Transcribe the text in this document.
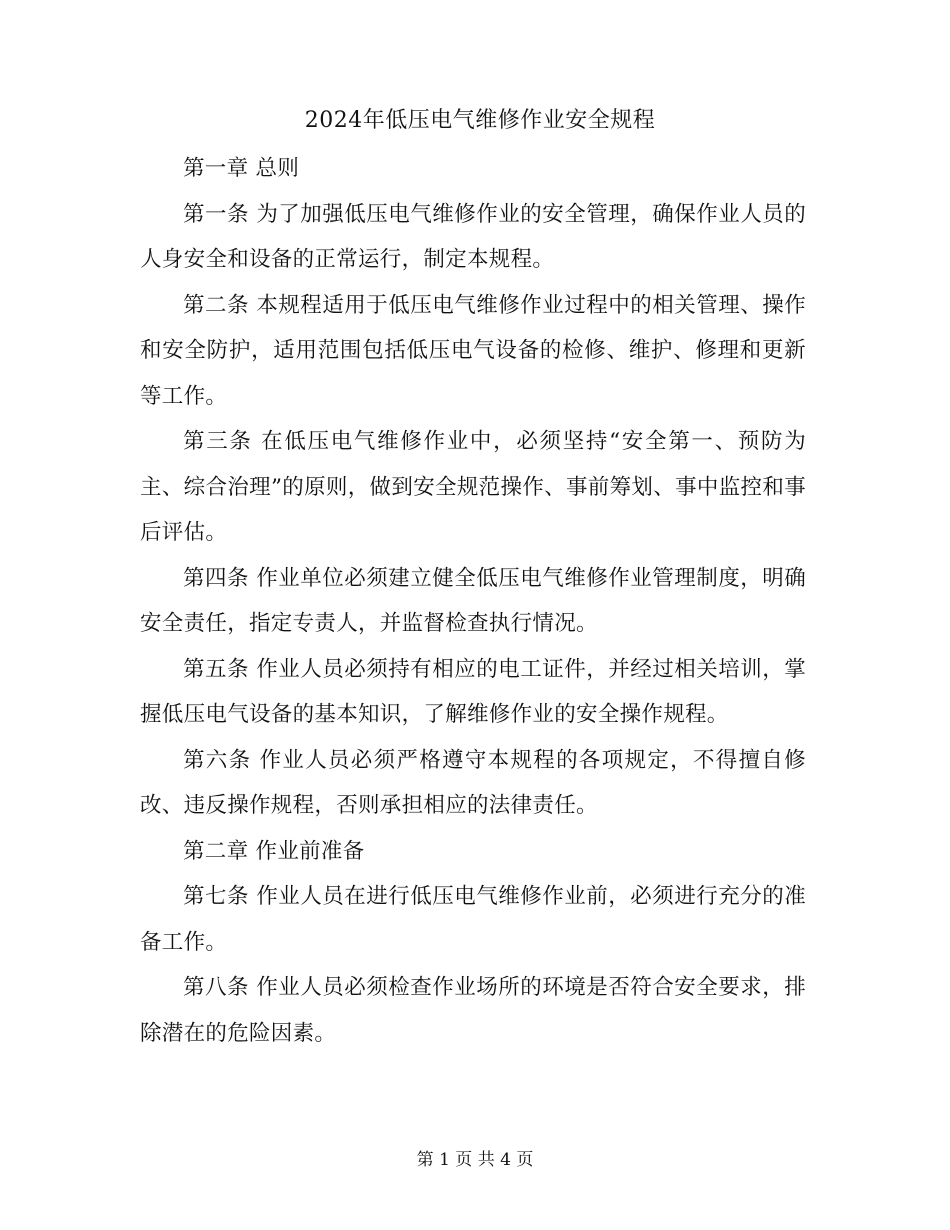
2024年低压电气维修作业安全规程

第一章 总则

第一条 为了加强低压电气维修作业的安全管理，确保作业人员的人身安全和设备的正常运行，制定本规程。

第二条 本规程适用于低压电气维修作业过程中的相关管理、操作和安全防护，适用范围包括低压电气设备的检修、维护、修理和更新等工作。

第三条 在低压电气维修作业中，必须坚持“安全第一、预防为主、综合治理”的原则，做到安全规范操作、事前筹划、事中监控和事后评估。

第四条 作业单位必须建立健全低压电气维修作业管理制度，明确安全责任，指定专责人，并监督检查执行情况。

第五条 作业人员必须持有相应的电工证件，并经过相关培训，掌握低压电气设备的基本知识，了解维修作业的安全操作规程。

第六条 作业人员必须严格遵守本规程的各项规定，不得擅自修改、违反操作规程，否则承担相应的法律责任。

第二章 作业前准备

第七条 作业人员在进行低压电气维修作业前，必须进行充分的准备工作。

第八条 作业人员必须检查作业场所的环境是否符合安全要求，排除潜在的危险因素。

第 1 页 共 4 页
